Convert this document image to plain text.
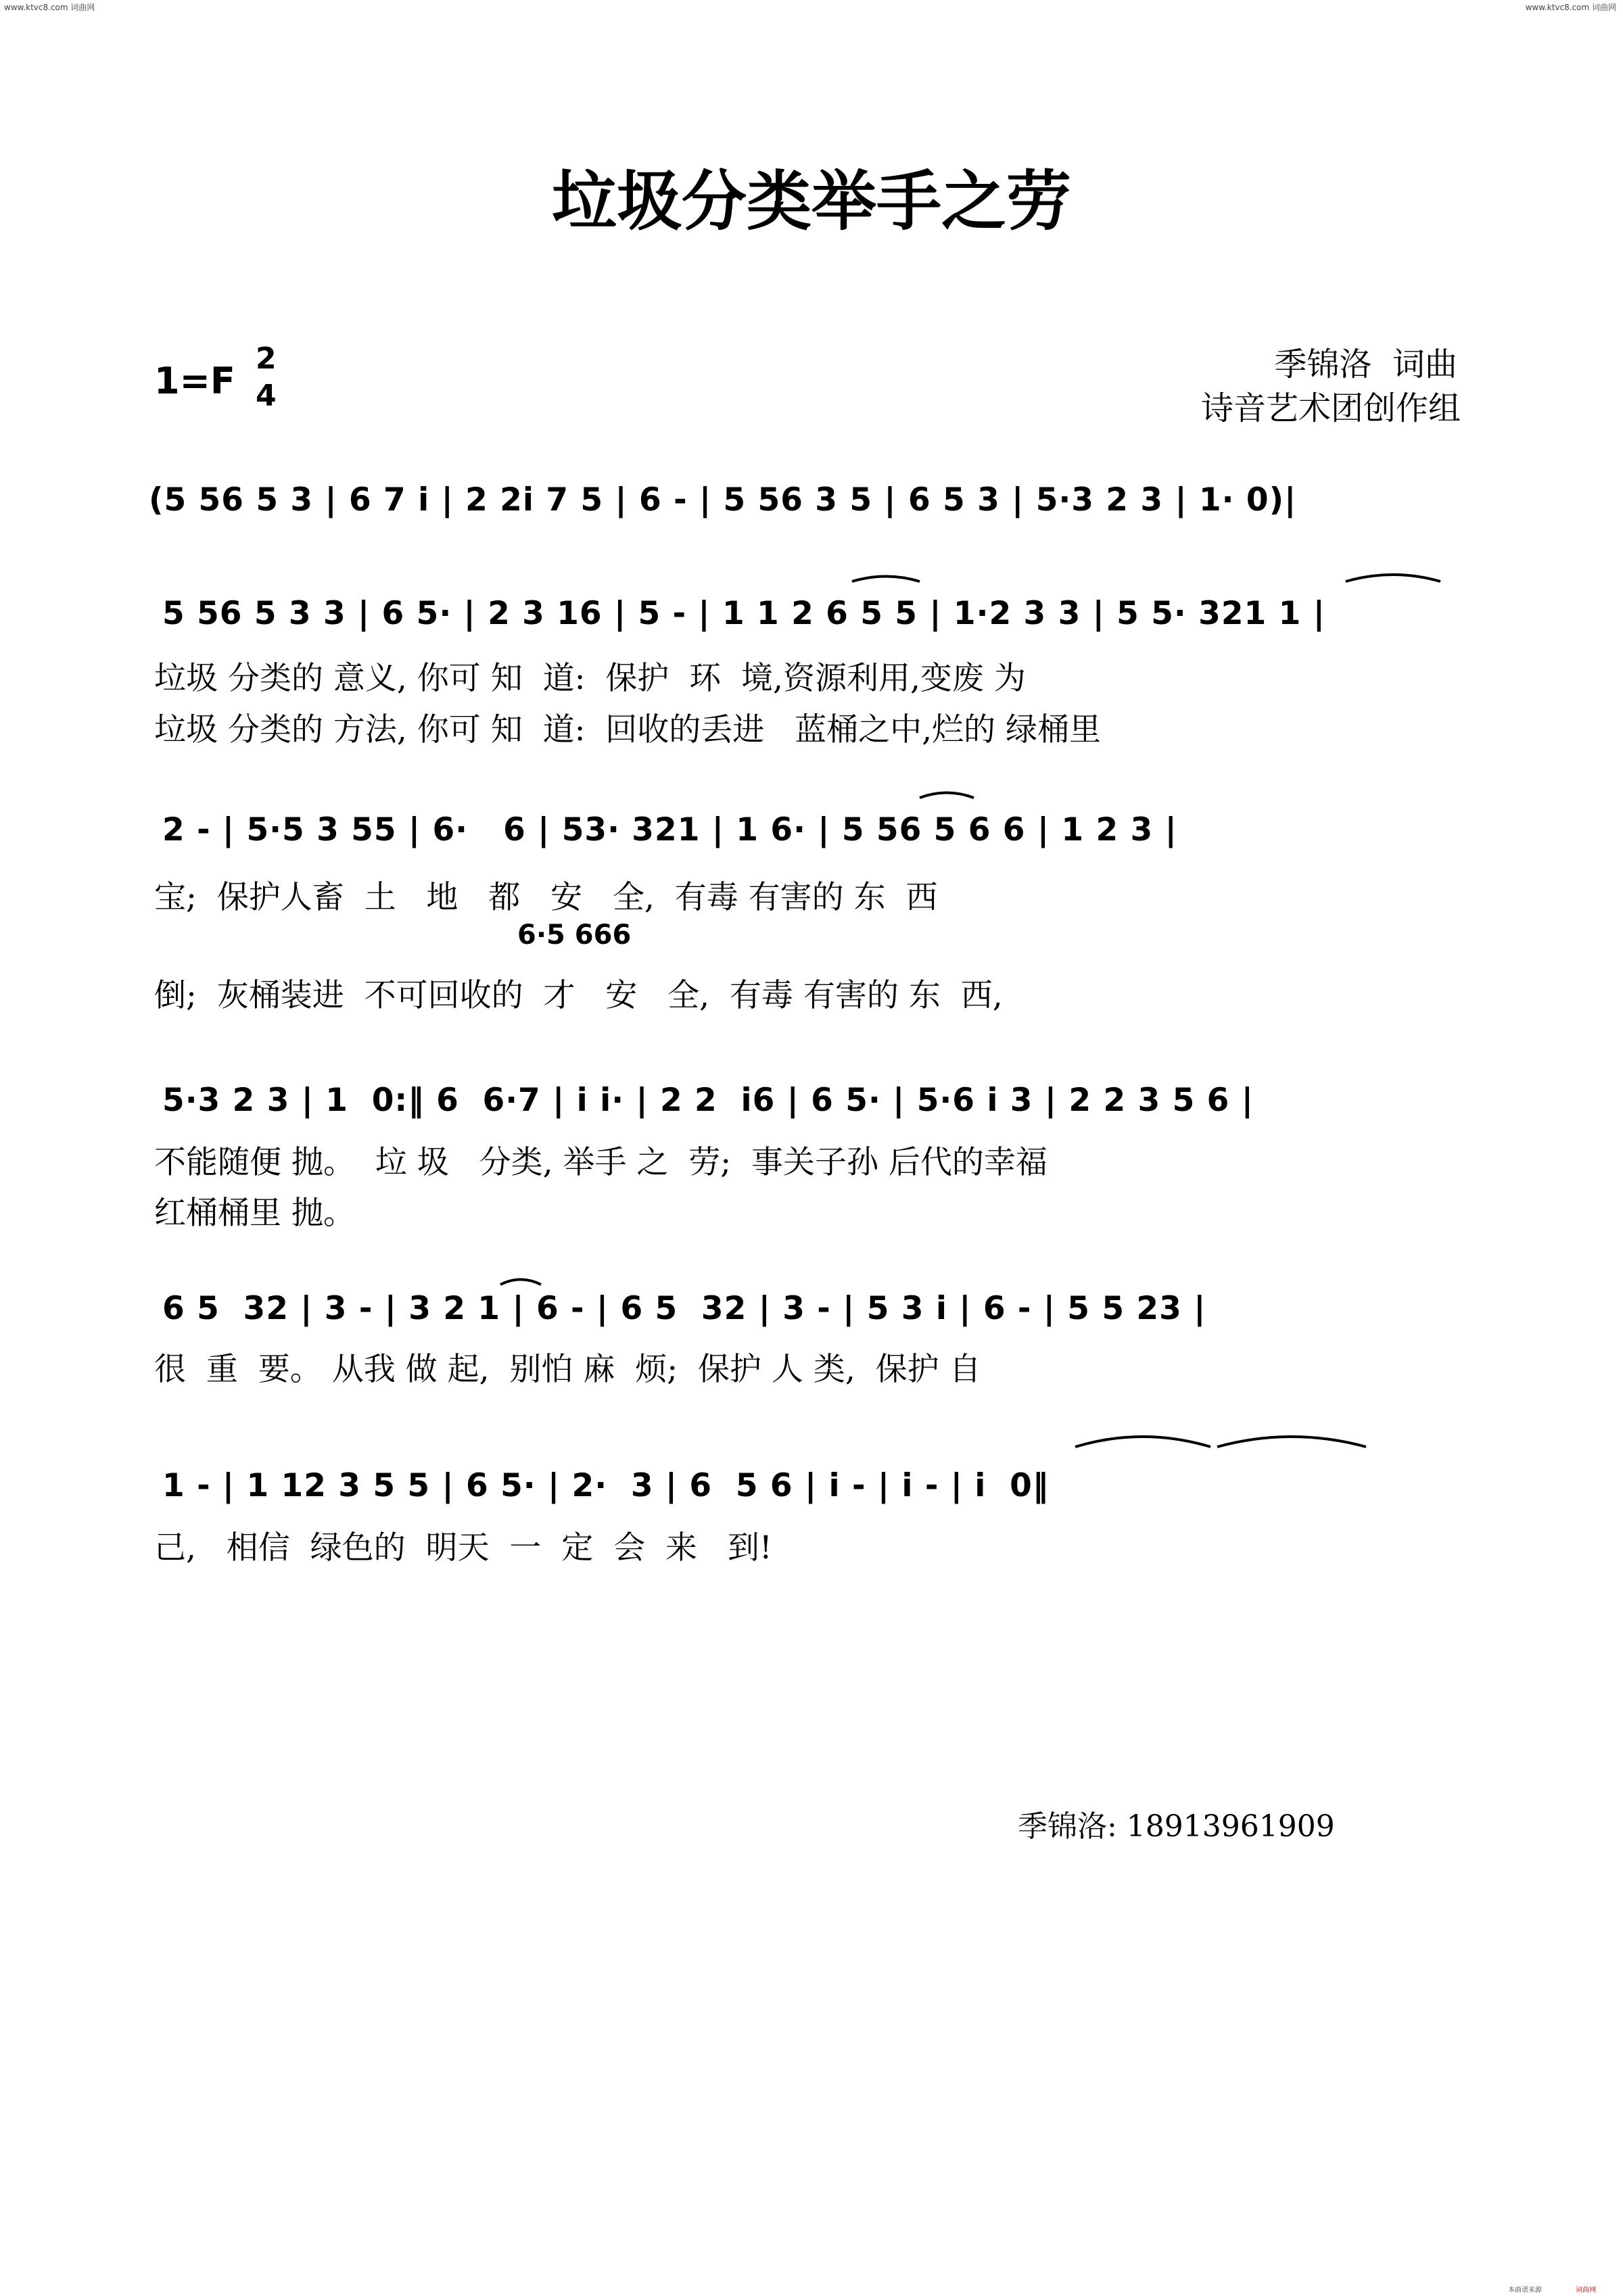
www.ktvc8.com 词曲网	www.ktvc8.com 词曲网
垃圾分类举手之劳
1=F
2
4
季锦洛  词曲
诗音艺术团创作组
(5 56 5 3 | 6 7 i | 2 2i 7 5 | 6 - | 5 56 3 5 | 6 5 3 | 5·3 2 3 | 1· 0)|
5 56 5 3 3 | 6 5· | 2 3 16 | 5 - | 1 1 2 6 5 5 | 1·2 3 3 | 5 5· 321 1 |
垃圾 分类的 意义, 你可 知  道:  保护  环  境,资源利用,变废 为
垃圾 分类的 方法, 你可 知  道:  回收的丢进   蓝桶之中,烂的 绿桶里
2 - | 5·5 3 55 | 6·   6 | 53· 321 | 1 6· | 5 56 5 6 6 | 1 2 3 |
宝;  保护人畜  土   地   都   安   全,  有毒 有害的 东  西
6·5 666
倒;  灰桶装进  不可回收的  才   安   全,  有毒 有害的 东  西,
5·3 2 3 | 1  0:‖ 6  6·7 | i i· | 2 2  i6 | 6 5· | 5·6 i 3 | 2 2 3 5 6 |
不能随便 抛。  垃 圾   分类, 举手 之  劳;  事关子孙 后代的幸福
红桶桶里 抛。
6 5  32 | 3 - | 3 2 1 | 6 - | 6 5  32 | 3 - | 5 3 i | 6 - | 5 5 23 |
很  重  要。 从我 做 起,  别怕 麻  烦;  保护 人 类,  保护 自
1 - | 1 12 3 5 5 | 6 5· | 2·  3 | 6  5 6 | i - | i - | i  0‖
己,   相信  绿色的  明天  一  定  会  来   到!
季锦洛: 18913961909
本曲谱来源	词曲网
